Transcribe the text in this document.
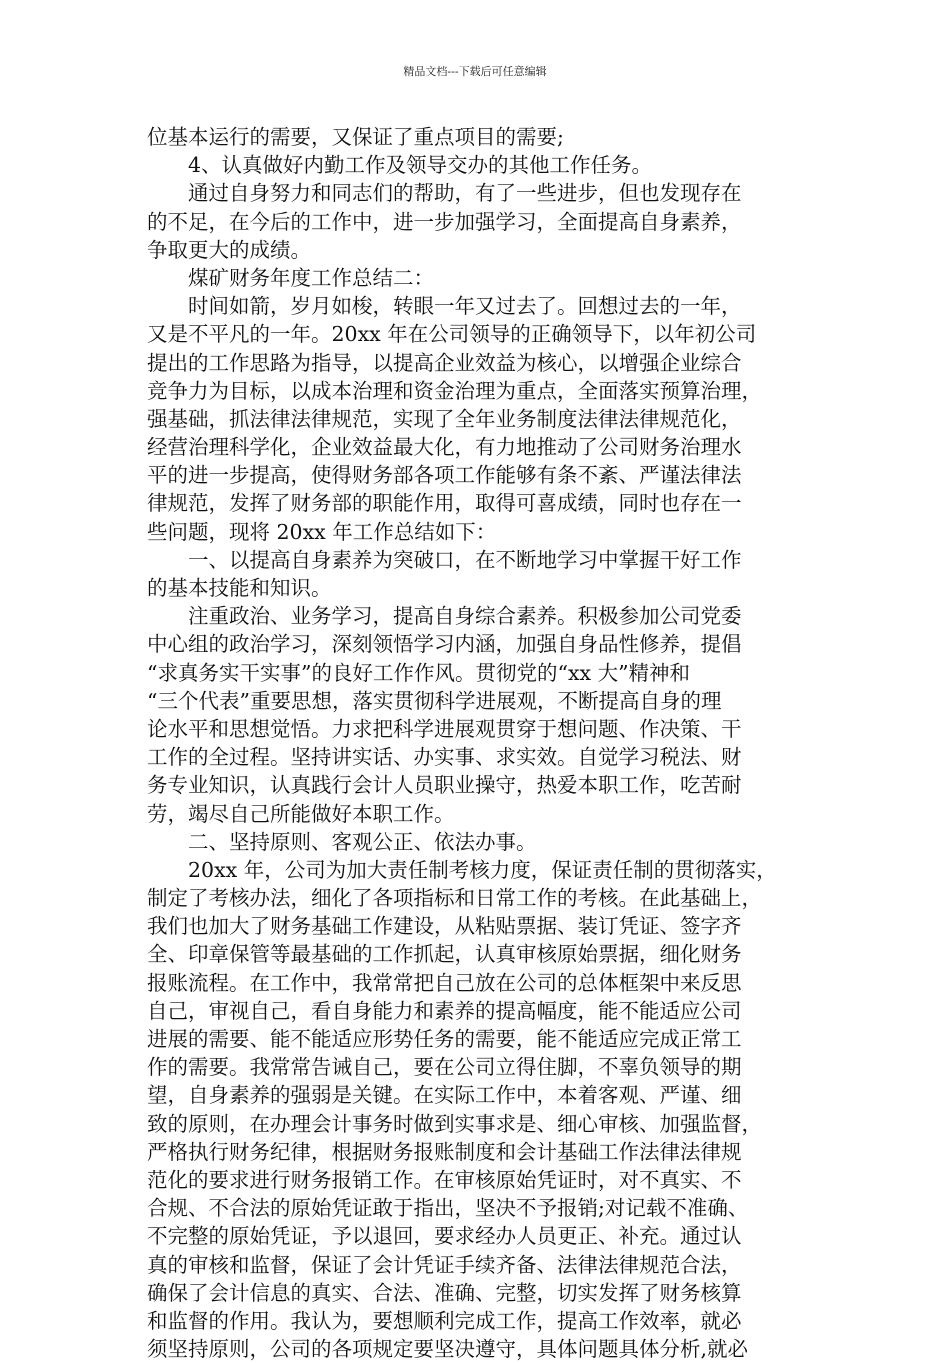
精品文档---下载后可任意编辑
位基本运行的需要，又保证了重点项目的需要;
4、认真做好内勤工作及领导交办的其他工作任务。
通过自身努力和同志们的帮助，有了一些进步，但也发现存在
的不足，在今后的工作中，进一步加强学习，全面提高自身素养，
争取更大的成绩。
煤矿财务年度工作总结二：
时间如箭，岁月如梭，转眼一年又过去了。回想过去的一年，
又是不平凡的一年。20xx 年在公司领导的正确领导下，以年初公司
提出的工作思路为指导，以提高企业效益为核心，以增强企业综合
竞争力为目标，以成本治理和资金治理为重点，全面落实预算治理，
强基础，抓法律法律规范，实现了全年业务制度法律法律规范化，
经营治理科学化，企业效益最大化，有力地推动了公司财务治理水
平的进一步提高，使得财务部各项工作能够有条不紊、严谨法律法
律规范，发挥了财务部的职能作用，取得可喜成绩，同时也存在一
些问题，现将 20xx 年工作总结如下：
一、以提高自身素养为突破口，在不断地学习中掌握干好工作
的基本技能和知识。
注重政治、业务学习，提高自身综合素养。积极参加公司党委
中心组的政治学习，深刻领悟学习内涵，加强自身品性修养，提倡
“求真务实干实事”的良好工作作风。贯彻党的“xx 大”精神和
“三个代表”重要思想，落实贯彻科学进展观，不断提高自身的理
论水平和思想觉悟。力求把科学进展观贯穿于想问题、作决策、干
工作的全过程。坚持讲实话、办实事、求实效。自觉学习税法、财
务专业知识，认真践行会计人员职业操守，热爱本职工作，吃苦耐
劳，竭尽自己所能做好本职工作。
二、坚持原则、客观公正、依法办事。
20xx 年，公司为加大责任制考核力度，保证责任制的贯彻落实，
制定了考核办法，细化了各项指标和日常工作的考核。在此基础上，
我们也加大了财务基础工作建设，从粘贴票据、装订凭证、签字齐
全、印章保管等最基础的工作抓起，认真审核原始票据，细化财务
报账流程。在工作中，我常常把自己放在公司的总体框架中来反思
自己，审视自己，看自身能力和素养的提高幅度，能不能适应公司
进展的需要、能不能适应形势任务的需要，能不能适应完成正常工
作的需要。我常常告诫自己，要在公司立得住脚，不辜负领导的期
望，自身素养的强弱是关键。在实际工作中，本着客观、严谨、细
致的原则，在办理会计事务时做到实事求是、细心审核、加强监督，
严格执行财务纪律，根据财务报账制度和会计基础工作法律法律规
范化的要求进行财务报销工作。在审核原始凭证时，对不真实、不
合规、不合法的原始凭证敢于指出，坚决不予报销;对记载不准确、
不完整的原始凭证，予以退回，要求经办人员更正、补充。通过认
真的审核和监督，保证了会计凭证手续齐备、法律法律规范合法，
确保了会计信息的真实、合法、准确、完整，切实发挥了财务核算
和监督的作用。我认为，要想顺利完成工作，提高工作效率，就必
须坚持原则，公司的各项规定要坚决遵守，具体问题具体分析,就必
